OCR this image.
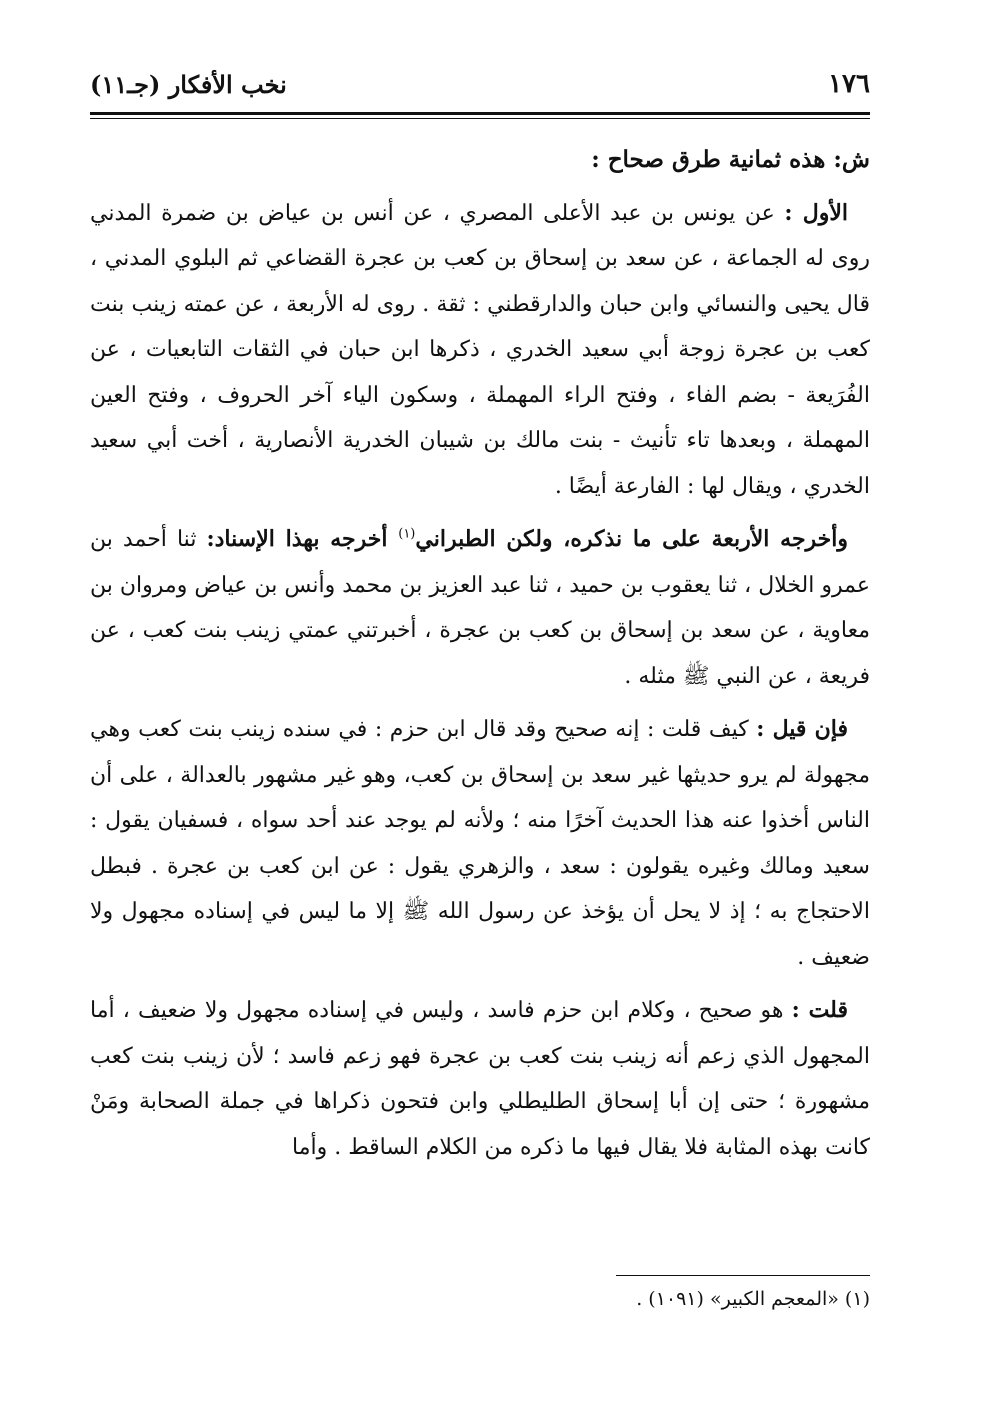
١٧٦
نخب الأفكار (جـ١١)

ش: هذه ثمانية طرق صحاح :

الأول : عن يونس بن عبد الأعلى المصري ، عن أنس بن عياض بن ضمرة المدني روى له الجماعة ، عن سعد بن إسحاق بن كعب بن عجرة القضاعي ثم البلوي المدني ، قال يحيى والنسائي وابن حبان والدارقطني : ثقة . روى له الأربعة ، عن عمته زينب بنت كعب بن عجرة زوجة أبي سعيد الخدري ، ذكرها ابن حبان في الثقات التابعيات ، عن الفُرَيعة - بضم الفاء ، وفتح الراء المهملة ، وسكون الياء آخر الحروف ، وفتح العين المهملة ، وبعدها تاء تأنيث - بنت مالك بن شيبان الخدرية الأنصارية ، أخت أبي سعيد الخدري ، ويقال لها : الفارعة أيضًا .

وأخرجه الأربعة على ما نذكره، ولكن الطبراني$^{(١)}$ أخرجه بهذا الإسناد: ثنا أحمد بن عمرو الخلال ، ثنا يعقوب بن حميد ، ثنا عبد العزيز بن محمد وأنس بن عياض ومروان بن معاوية ، عن سعد بن إسحاق بن كعب بن عجرة ، أخبرتني عمتي زينب بنت كعب ، عن فريعة ، عن النبي ﷺ مثله .

فإن قيل : كيف قلت : إنه صحيح وقد قال ابن حزم : في سنده زينب بنت كعب وهي مجهولة لم يرو حديثها غير سعد بن إسحاق بن كعب، وهو غير مشهور بالعدالة ، على أن الناس أخذوا عنه هذا الحديث آخرًا منه ؛ ولأنه لم يوجد عند أحد سواه ، فسفيان يقول : سعيد ومالك وغيره يقولون : سعد ، والزهري يقول : عن ابن كعب بن عجرة . فبطل الاحتجاج به ؛ إذ لا يحل أن يؤخذ عن رسول الله ﷺ إلا ما ليس في إسناده مجهول ولا ضعيف .

قلت : هو صحيح ، وكلام ابن حزم فاسد ، وليس في إسناده مجهول ولا ضعيف ، أما المجهول الذي زعم أنه زينب بنت كعب بن عجرة فهو زعم فاسد ؛ لأن زينب بنت كعب مشهورة ؛ حتى إن أبا إسحاق الطليطلي وابن فتحون ذكراها في جملة الصحابة ومَنْ كانت بهذه المثابة فلا يقال فيها ما ذكره من الكلام الساقط . وأما

(١) «المعجم الكبير» (١٠٩١) .
